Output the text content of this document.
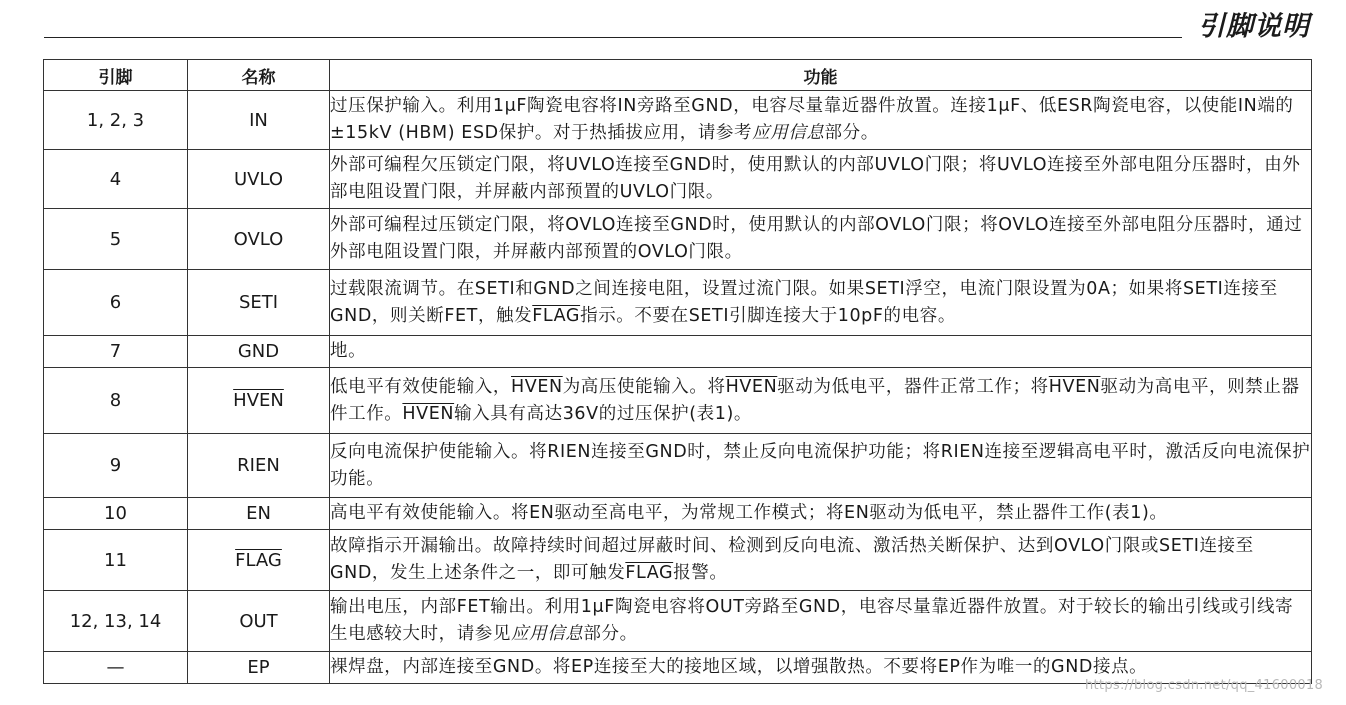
引脚说明
引脚	名称	功能
1, 2, 3	IN	过压保护输入。利用1μF陶瓷电容将IN旁路至GND，电容尽量靠近器件放置。连接1μF、低ESR陶瓷电容，以使能IN端的±15kV (HBM) ESD保护。对于热插拔应用，请参考应用信息部分。
4	UVLO	外部可编程欠压锁定门限，将UVLO连接至GND时，使用默认的内部UVLO门限；将UVLO连接至外部电阻分压器时，由外部电阻设置门限，并屏蔽内部预置的UVLO门限。
5	OVLO	外部可编程过压锁定门限，将OVLO连接至GND时，使用默认的内部OVLO门限；将OVLO连接至外部电阻分压器时，通过外部电阻设置门限，并屏蔽内部预置的OVLO门限。
6	SETI	过载限流调节。在SETI和GND之间连接电阻，设置过流门限。如果SETI浮空，电流门限设置为0A；如果将SETI连接至GND，则关断FET，触发FLAG指示。不要在SETI引脚连接大于10pF的电容。
7	GND	地。
8	HVEN	低电平有效使能输入，HVEN为高压使能输入。将HVEN驱动为低电平，器件正常工作；将HVEN驱动为高电平，则禁止器件工作。HVEN输入具有高达36V的过压保护(表1)。
9	RIEN	反向电流保护使能输入。将RIEN连接至GND时，禁止反向电流保护功能；将RIEN连接至逻辑高电平时，激活反向电流保护功能。
10	EN	高电平有效使能输入。将EN驱动至高电平，为常规工作模式；将EN驱动为低电平，禁止器件工作(表1)。
11	FLAG	故障指示开漏输出。故障持续时间超过屏蔽时间、检测到反向电流、激活热关断保护、达到OVLO门限或SETI连接至GND，发生上述条件之一，即可触发FLAG报警。
12, 13, 14	OUT	输出电压，内部FET输出。利用1μF陶瓷电容将OUT旁路至GND，电容尽量靠近器件放置。对于较长的输出引线或引线寄生电感较大时，请参见应用信息部分。
—	EP	裸焊盘，内部连接至GND。将EP连接至大的接地区域，以增强散热。不要将EP作为唯一的GND接点。
https://blog.csdn.net/qq_41600018
